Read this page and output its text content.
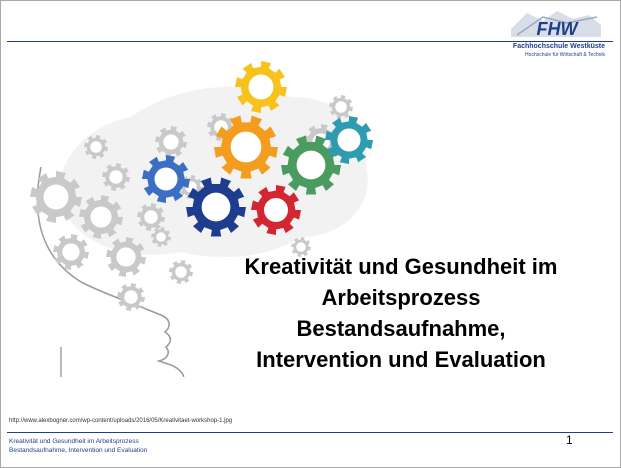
FHW
Fachhochschule Westküste
Hochschule für Wirtschaft & Technik
Kreativität und Gesundheit im
Arbeitsprozess
Bestandsaufnahme,
Intervention und Evaluation
http://www.alexbogner.com/wp-content/uploads/2016/05/Kreativitaet-workshop-1.jpg
Kreativität und Gesundheit im Arbeitsprozess
Bestandsaufnahme, Intervention und Evaluation
1
